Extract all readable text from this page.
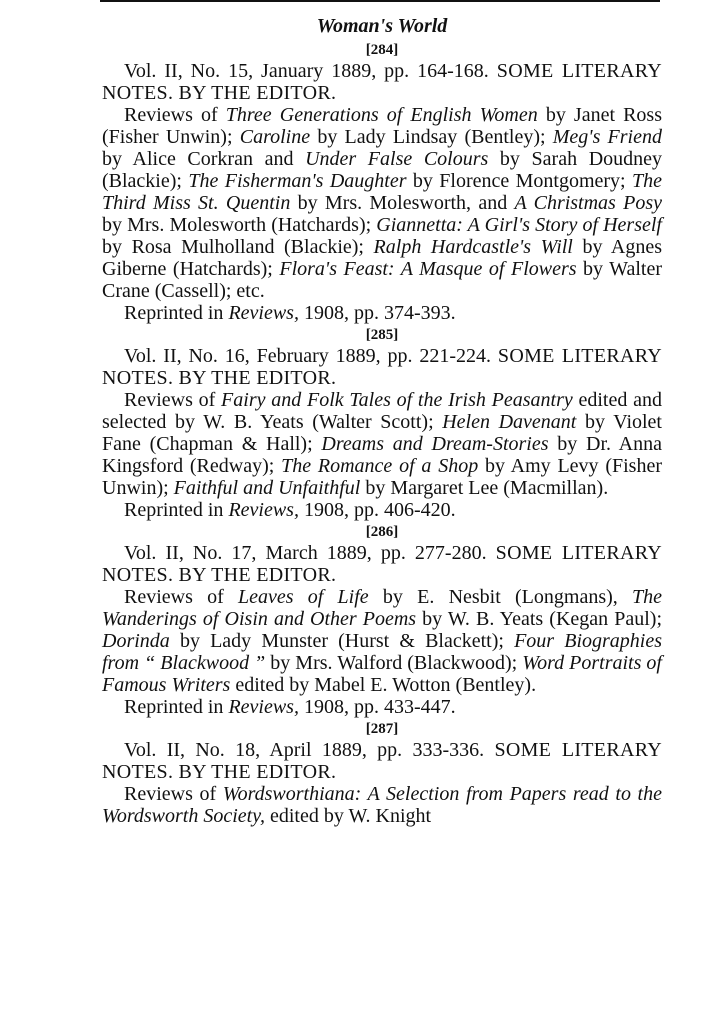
Woman's World
[284]

Vol. II, No. 15, January 1889, pp. 164-168. SOME LITERARY NOTES. BY THE EDITOR.

Reviews of Three Generations of English Women by Janet Ross (Fisher Unwin); Caroline by Lady Lindsay (Bentley); Meg's Friend by Alice Corkran and Under False Colours by Sarah Doudney (Blackie); The Fisherman's Daughter by Florence Montgomery; The Third Miss St. Quentin by Mrs. Molesworth, and A Christmas Posy by Mrs. Molesworth (Hatchards); Giannetta: A Girl's Story of Herself by Rosa Mulholland (Blackie); Ralph Hardcastle's Will by Agnes Giberne (Hatchards); Flora's Feast: A Masque of Flowers by Walter Crane (Cassell); etc.

Reprinted in Reviews, 1908, pp. 374-393.

[285]

Vol. II, No. 16, February 1889, pp. 221-224. SOME LITERARY NOTES. BY THE EDITOR.

Reviews of Fairy and Folk Tales of the Irish Peasantry edited and selected by W. B. Yeats (Walter Scott); Helen Davenant by Violet Fane (Chapman & Hall); Dreams and Dream-Stories by Dr. Anna Kingsford (Redway); The Romance of a Shop by Amy Levy (Fisher Unwin); Faithful and Unfaithful by Margaret Lee (Macmillan).

Reprinted in Reviews, 1908, pp. 406-420.

[286]

Vol. II, No. 17, March 1889, pp. 277-280. SOME LITERARY NOTES. BY THE EDITOR.

Reviews of Leaves of Life by E. Nesbit (Longmans), The Wanderings of Oisin and Other Poems by W. B. Yeats (Kegan Paul); Dorinda by Lady Munster (Hurst & Blackett); Four Biographies from “ Blackwood ” by Mrs. Walford (Blackwood); Word Portraits of Famous Writers edited by Mabel E. Wotton (Bentley).

Reprinted in Reviews, 1908, pp. 433-447.

[287]

Vol. II, No. 18, April 1889, pp. 333-336. SOME LITERARY NOTES. BY THE EDITOR.

Reviews of Wordsworthiana: A Selection from Papers read to the Wordsworth Society, edited by W. Knight
